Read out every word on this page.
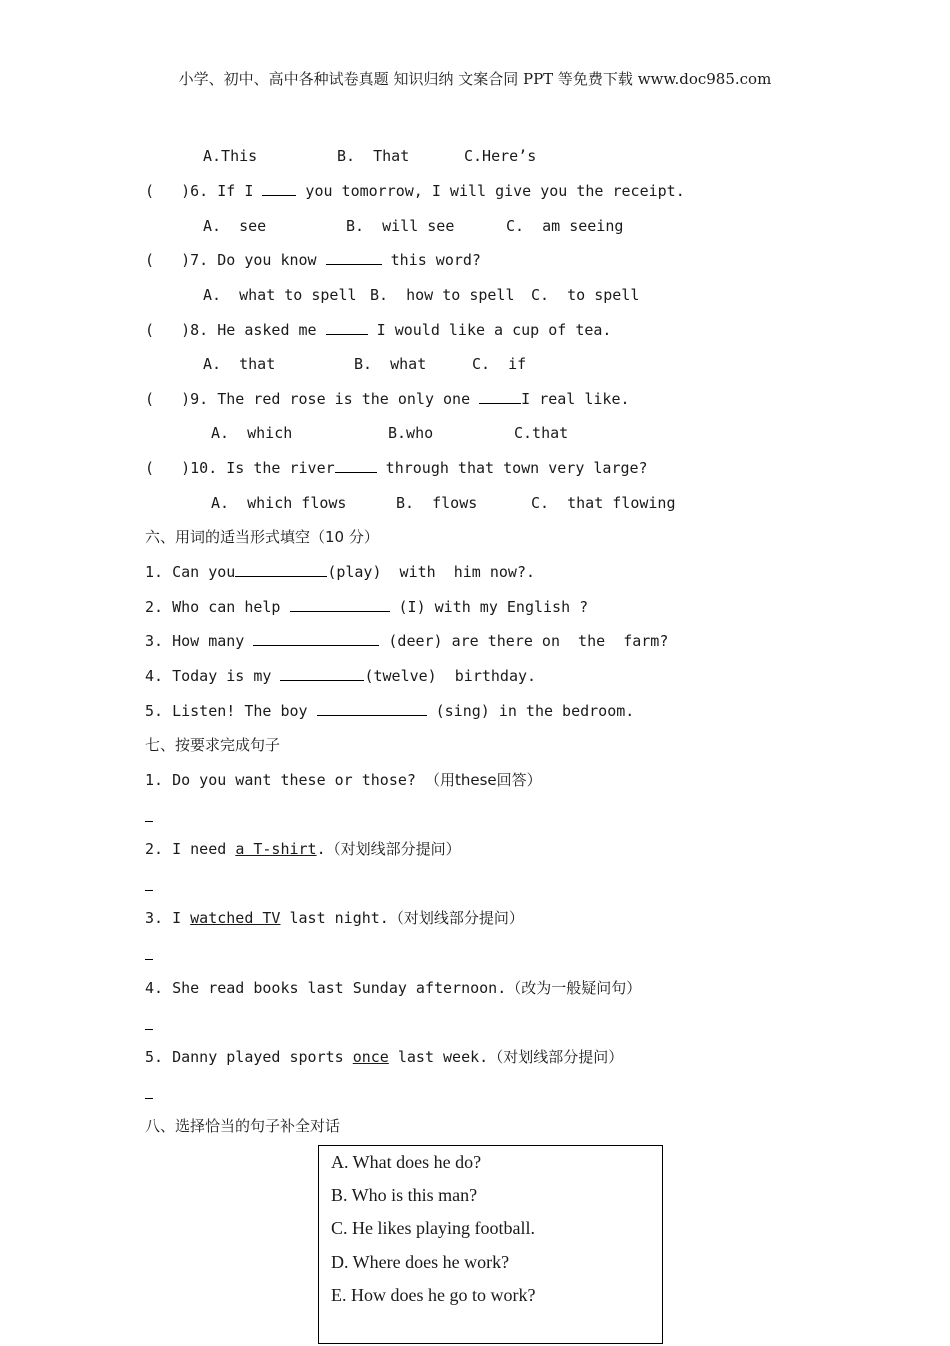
小学、初中、高中各种试卷真题 知识归纳 文案合同 PPT 等免费下载 www.doc985.com
A.This	B.  That	C.Here’s
(   )6. If I  you tomorrow, I will give you the receipt.
A.  see	B.  will see	C.  am seeing
(   )7. Do you know	this word?
A.  what to spell B.  how to spell C.  to spell
(   )8. He asked me	I would like a cup of tea.
A.  that	B.  what	C.  if
(   )9. The red rose is the only one	I real like.
A.  which	B.who	C.that
(   )10. Is the river	through that town very large?
A.  which flows	B.  flows	C.  that flowing
六、用词的适当形式填空（10 分）
1. Can you	(play)  with  him now?.
2. Who can help	(I) with my English ?
3. How many	(deer) are there on  the  farm?
4. Today is my	(twelve)  birthday.
5. Listen! The boy	(sing) in the bedroom.
七、按要求完成句子
1. Do you want these or those? （用these回答）
2. I need a T-shirt.（对划线部分提问）
3. I watched TV last night.（对划线部分提问）
4. She read books last Sunday afternoon.（改为一般疑问句）
5. Danny played sports once last week.（对划线部分提问）
八、选择恰当的句子补全对话
A. What does he do?
B. Who is this man?
C. He likes playing football.
D. Where does he work?
E. How does he go to work?
